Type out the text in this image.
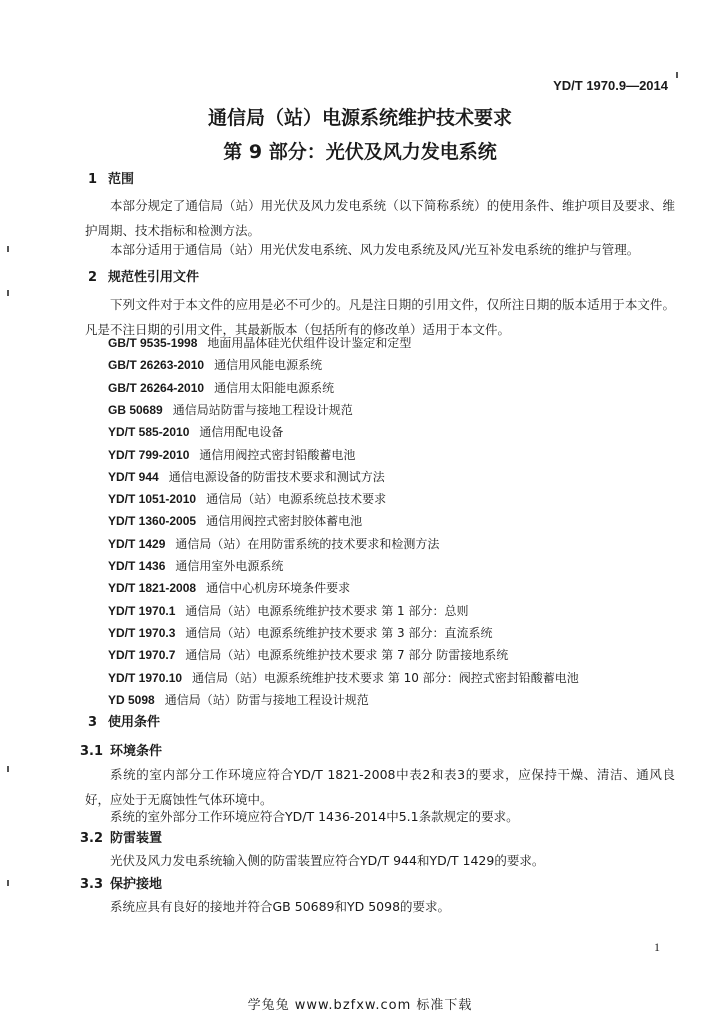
YD/T 1970.9—2014
通信局（站）电源系统维护技术要求
第 9 部分：光伏及风力发电系统
1 范围
本部分规定了通信局（站）用光伏及风力发电系统（以下简称系统）的使用条件、维护项目及要求、维护周期、技术指标和检测方法。
本部分适用于通信局（站）用光伏发电系统、风力发电系统及风/光互补发电系统的维护与管理。
2 规范性引用文件
下列文件对于本文件的应用是必不可少的。凡是注日期的引用文件，仅所注日期的版本适用于本文件。凡是不注日期的引用文件，其最新版本（包括所有的修改单）适用于本文件。
GB/T 9535-1998 地面用晶体硅光伏组件设计鉴定和定型
GB/T 26263-2010 通信用风能电源系统
GB/T 26264-2010 通信用太阳能电源系统
GB 50689 通信局站防雷与接地工程设计规范
YD/T 585-2010 通信用配电设备
YD/T 799-2010 通信用阀控式密封铅酸蓄电池
YD/T 944 通信电源设备的防雷技术要求和测试方法
YD/T 1051-2010 通信局（站）电源系统总技术要求
YD/T 1360-2005 通信用阀控式密封胶体蓄电池
YD/T 1429 通信局（站）在用防雷系统的技术要求和检测方法
YD/T 1436 通信用室外电源系统
YD/T 1821-2008 通信中心机房环境条件要求
YD/T 1970.1 通信局（站）电源系统维护技术要求 第 1 部分：总则
YD/T 1970.3 通信局（站）电源系统维护技术要求 第 3 部分：直流系统
YD/T 1970.7 通信局（站）电源系统维护技术要求 第 7 部分 防雷接地系统
YD/T 1970.10 通信局（站）电源系统维护技术要求 第 10 部分：阀控式密封铅酸蓄电池
YD 5098 通信局（站）防雷与接地工程设计规范
3 使用条件
3.1 环境条件
系统的室内部分工作环境应符合YD/T 1821-2008中表2和表3的要求，应保持干燥、清洁、通风良好，应处于无腐蚀性气体环境中。
系统的室外部分工作环境应符合YD/T 1436-2014中5.1条款规定的要求。
3.2 防雷装置
光伏及风力发电系统输入侧的防雷装置应符合YD/T 944和YD/T 1429的要求。
3.3 保护接地
系统应具有良好的接地并符合GB 50689和YD 5098的要求。
1
学兔兔 www.bzfxw.com 标准下载
